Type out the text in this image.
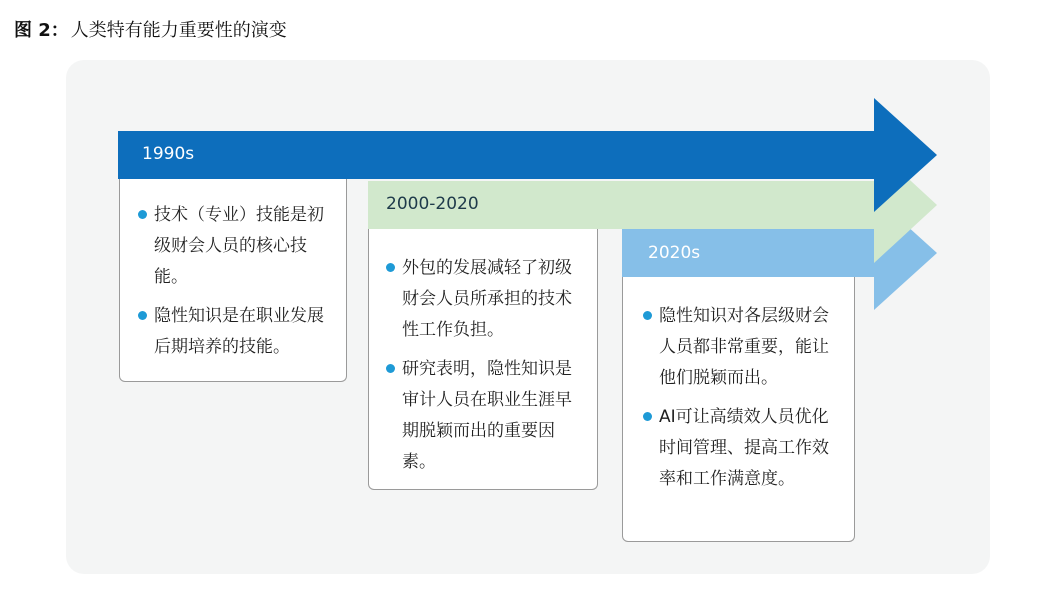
图 2： 人类特有能力重要性的演变
1990s
2000-2020
2020s
技术（专业）技能是初级财会人员的核心技能。
隐性知识是在职业发展后期培养的技能。
外包的发展减轻了初级财会人员所承担的技术性工作负担。
研究表明，隐性知识是审计人员在职业生涯早期脱颖而出的重要因素。
隐性知识对各层级财会人员都非常重要，能让他们脱颖而出。
AI可让高绩效人员优化时间管理、提高工作效率和工作满意度。
